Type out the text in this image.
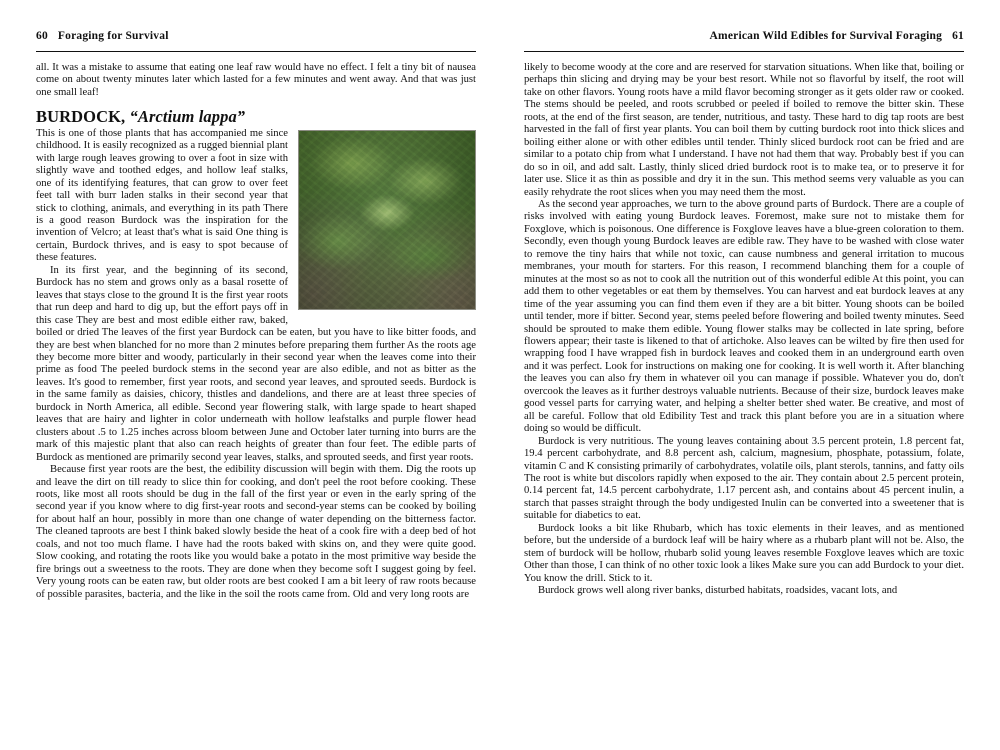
60 Foraging for Survival

all. It was a mistake to assume that eating one leaf raw would have no effect. I felt a tiny bit of nausea come on about twenty minutes later which lasted for a few minutes and went away. And that was just one small leaf!

BURDOCK, “Arctium lappa”

This is one of those plants that has accompanied me since childhood. It is easily recognized as a rugged biennial plant with large rough leaves growing to over a foot in size with slightly wave and toothed edges, and hollow leaf stalks, one of its identifying features, that can grow to over feet feet tall with burr laden stalks in their second year that stick to clothing, animals, and everything in its path There is a good reason Burdock was the inspiration for the invention of Velcro; at least that's what is said One thing is certain, Burdock thrives, and is easy to spot because of these features.

In its first year, and the beginning of its second, Burdock has no stem and grows only as a basal rosette of leaves that stays close to the ground It is the first year roots that run deep and hard to dig up, but the effort pays off in this case They are best and most edible either raw, baked, boiled or dried The leaves of the first year Burdock can be eaten, but you have to like bitter foods, and they are best when blanched for no more than 2 minutes before preparing them further As the roots age they become more bitter and woody, particularly in their second year when the leaves come into their prime as food The peeled burdock stems in the second year are also edible, and not as bitter as the leaves. It's good to remember, first year roots, and second year leaves, and sprouted seeds. Burdock is in the same family as daisies, chicory, thistles and dandelions, and there are at least three species of burdock in North America, all edible. Second year flowering stalk, with large spade to heart shaped leaves that are hairy and lighter in color underneath with hollow leafstalks and purple flower head clusters about .5 to 1.25 inches across bloom between June and October later turning into burrs are the mark of this majestic plant that also can reach heights of greater than four feet. The edible parts of Burdock as mentioned are primarily second year leaves, stalks, and sprouted seeds, and first year roots.

Because first year roots are the best, the edibility discussion will begin with them. Dig the roots up and leave the dirt on till ready to slice thin for cooking, and don't peel the root before cooking. These roots, like most all roots should be dug in the fall of the first year or even in the early spring of the second year if you know where to dig first-year roots and second-year stems can be cooked by boiling for about half an hour, possibly in more than one change of water depending on the bitterness factor. The cleaned taproots are best I think baked slowly beside the heat of a cook fire with a deep bed of hot coals, and not too much flame. I have had the roots baked with skins on, and they were quite good. Slow cooking, and rotating the roots like you would bake a potato in the most primitive way beside the fire brings out a sweetness to the roots. They are done when they become soft I suggest going by feel. Very young roots can be eaten raw, but older roots are best cooked I am a bit leery of raw roots because of possible parasites, bacteria, and the like in the soil the roots came from. Old and very long roots are

American Wild Edibles for Survival Foraging 61

likely to become woody at the core and are reserved for starvation situations. When like that, boiling or perhaps thin slicing and drying may be your best resort. While not so flavorful by itself, the root will take on other flavors. Young roots have a mild flavor becoming stronger as it gets older raw or cooked. The stems should be peeled, and roots scrubbed or peeled if boiled to remove the bitter skin. These roots, at the end of the first season, are tender, nutritious, and tasty. These hard to dig tap roots are best harvested in the fall of first year plants. You can boil them by cutting burdock root into thick slices and boiling either alone or with other edibles until tender. Thinly sliced burdock root can be fried and are similar to a potato chip from what I understand. I have not had them that way. Probably best if you can do so in oil, and add salt. Lastly, thinly sliced dried burdock root is to make tea, or to preserve it for later use. Slice it as thin as possible and dry it in the sun. This method seems very valuable as you can easily rehydrate the root slices when you may need them the most.

As the second year approaches, we turn to the above ground parts of Burdock. There are a couple of risks involved with eating young Burdock leaves. Foremost, make sure not to mistake them for Foxglove, which is poisonous. One difference is Foxglove leaves have a blue-green coloration to them. Secondly, even though young Burdock leaves are edible raw. They have to be washed with close water to remove the tiny hairs that while not toxic, can cause numbness and general irritation to mucous membranes, your mouth for starters. For this reason, I recommend blanching them for a couple of minutes at the most so as not to cook all the nutrition out of this wonderful edible At this point, you can add them to other vegetables or eat them by themselves. You can harvest and eat burdock leaves at any time of the year assuming you can find them even if they are a bit bitter. Young shoots can be boiled until tender, more if bitter. Second year, stems peeled before flowering and boiled twenty minutes. Seed should be sprouted to make them edible. Young flower stalks may be collected in late spring, before flowers appear; their taste is likened to that of artichoke. Also leaves can be wilted by fire then used for wrapping food I have wrapped fish in burdock leaves and cooked them in an underground earth oven and it was perfect. Look for instructions on making one for cooking. It is well worth it. After blanching the leaves you can also fry them in whatever oil you can manage if possible. Whatever you do, don't overcook the leaves as it further destroys valuable nutrients. Because of their size, burdock leaves make good vessel parts for carrying water, and helping a shelter better shed water. Be creative, and most of all be careful. Follow that old Edibility Test and track this plant before you are in a situation where doing so would be difficult.

Burdock is very nutritious. The young leaves containing about 3.5 percent protein, 1.8 percent fat, 19.4 percent carbohydrate, and 8.8 percent ash, calcium, magnesium, phosphate, potassium, folate, vitamin C and K consisting primarily of carbohydrates, volatile oils, plant sterols, tannins, and fatty oils The root is white but discolors rapidly when exposed to the air. They contain about 2.5 percent protein, 0.14 percent fat, 14.5 percent carbohydrate, 1.17 percent ash, and contains about 45 percent inulin, a starch that passes straight through the body undigested Inulin can be converted into a sweetener that is suitable for diabetics to eat.

Burdock looks a bit like Rhubarb, which has toxic elements in their leaves, and as mentioned before, but the underside of a burdock leaf will be hairy where as a rhubarb plant will not be. Also, the stem of burdock will be hollow, rhubarb solid young leaves resemble Foxglove leaves which are toxic Other than those, I can think of no other toxic look a likes Make sure you can add Burdock to your diet. You know the drill. Stick to it.

Burdock grows well along river banks, disturbed habitats, roadsides, vacant lots, and
